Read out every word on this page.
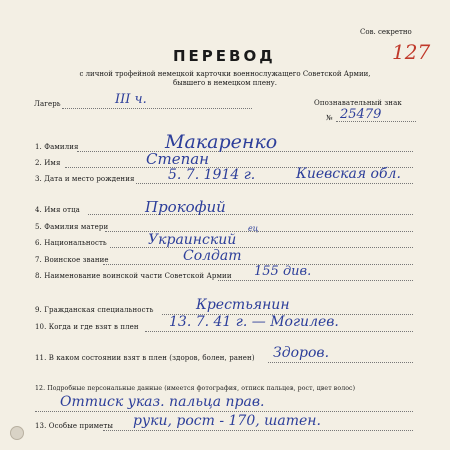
Сов. секретно
127
ПЕРЕВОД
с личной трофейной немецкой карточки военнослужащего Советской Армии,
бывшего в немецком плену.
Лагерь	III ч.	Опознавательный знак
№ 25479
1. Фамилия	Макаренко
2. Имя	Степан
3. Дата и место рождения 5. 7. 1914 г.	Киевская обл.
4. Имя отца	Прокофий
5. Фамилия матери
6. Национальность	Украинский
ец
7. Воинское звание	Солдат
8. Наименование воинской части Советской Армии 155 див.
9. Гражданская специальность	Крестьянин
10. Когда и где взят в плен 13. 7. 41 г. — Могилев.
11. В каком состоянии взят в плен (здоров, болен, ранен) Здоров.
12. Подробные персональные данные (имеется фотография, отпиcк пальцев, рост, цвет волос)
Оттиск указ. пальца прав.
13. Особые приметы руки, рост - 170, шатен.
